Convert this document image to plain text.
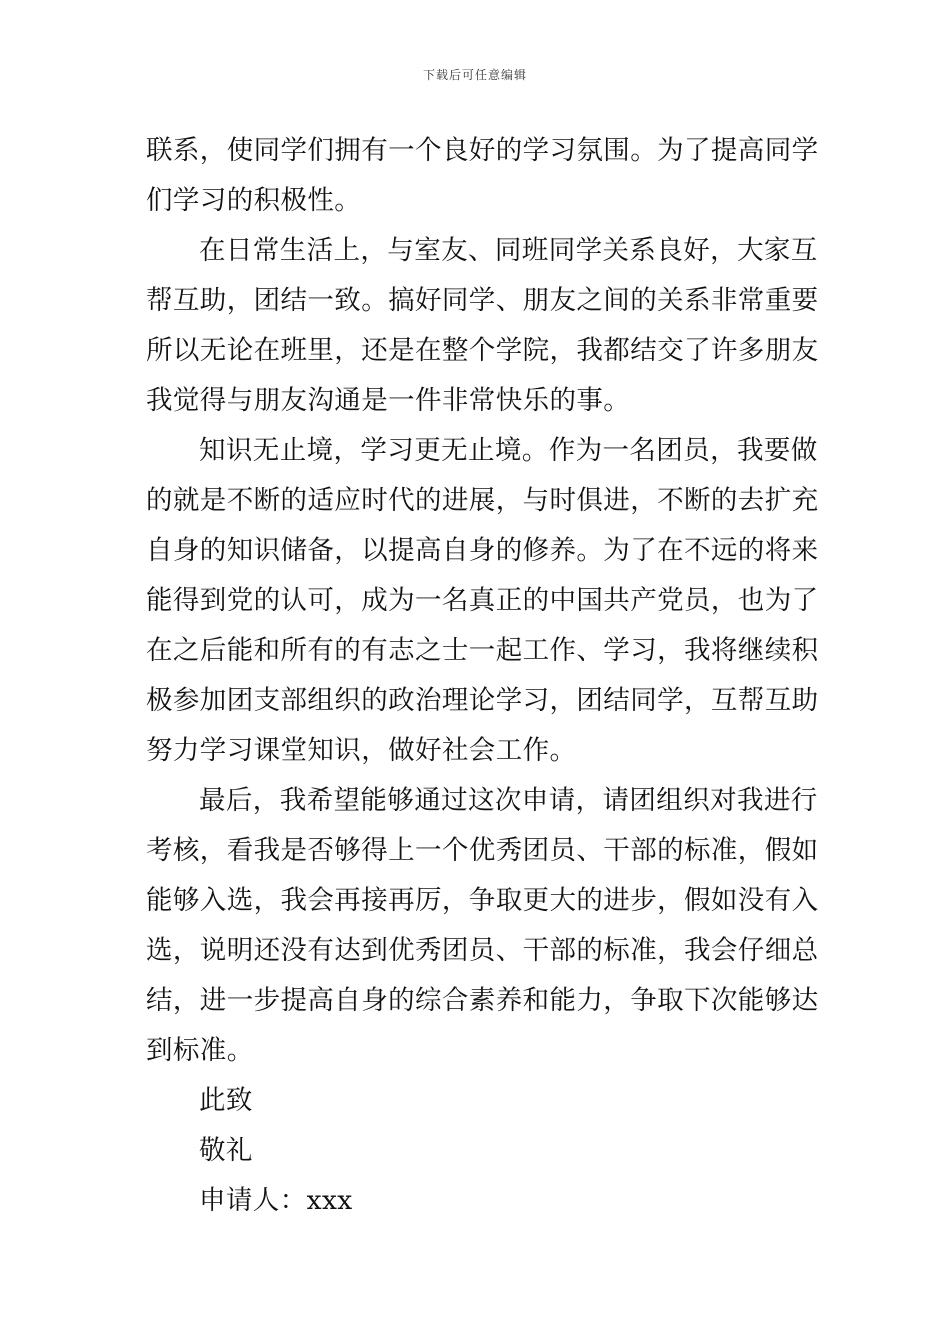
下载后可任意编辑
联系，使同学们拥有一个良好的学习氛围。为了提高同学
们学习的积极性。
在日常生活上，与室友、同班同学关系良好，大家互
帮互助，团结一致。搞好同学、朋友之间的关系非常重要
所以无论在班里，还是在整个学院，我都结交了许多朋友
我觉得与朋友沟通是一件非常快乐的事。
知识无止境，学习更无止境。作为一名团员，我要做
的就是不断的适应时代的进展，与时俱进，不断的去扩充
自身的知识储备，以提高自身的修养。为了在不远的将来
能得到党的认可，成为一名真正的中国共产党员，也为了
在之后能和所有的有志之士一起工作、学习，我将继续积
极参加团支部组织的政治理论学习，团结同学，互帮互助
努力学习课堂知识，做好社会工作。
最后，我希望能够通过这次申请，请团组织对我进行
考核，看我是否够得上一个优秀团员、干部的标准，假如
能够入选，我会再接再厉，争取更大的进步，假如没有入
选，说明还没有达到优秀团员、干部的标准，我会仔细总
结，进一步提高自身的综合素养和能力，争取下次能够达
到标准。
此致
敬礼
申请人：xxx
